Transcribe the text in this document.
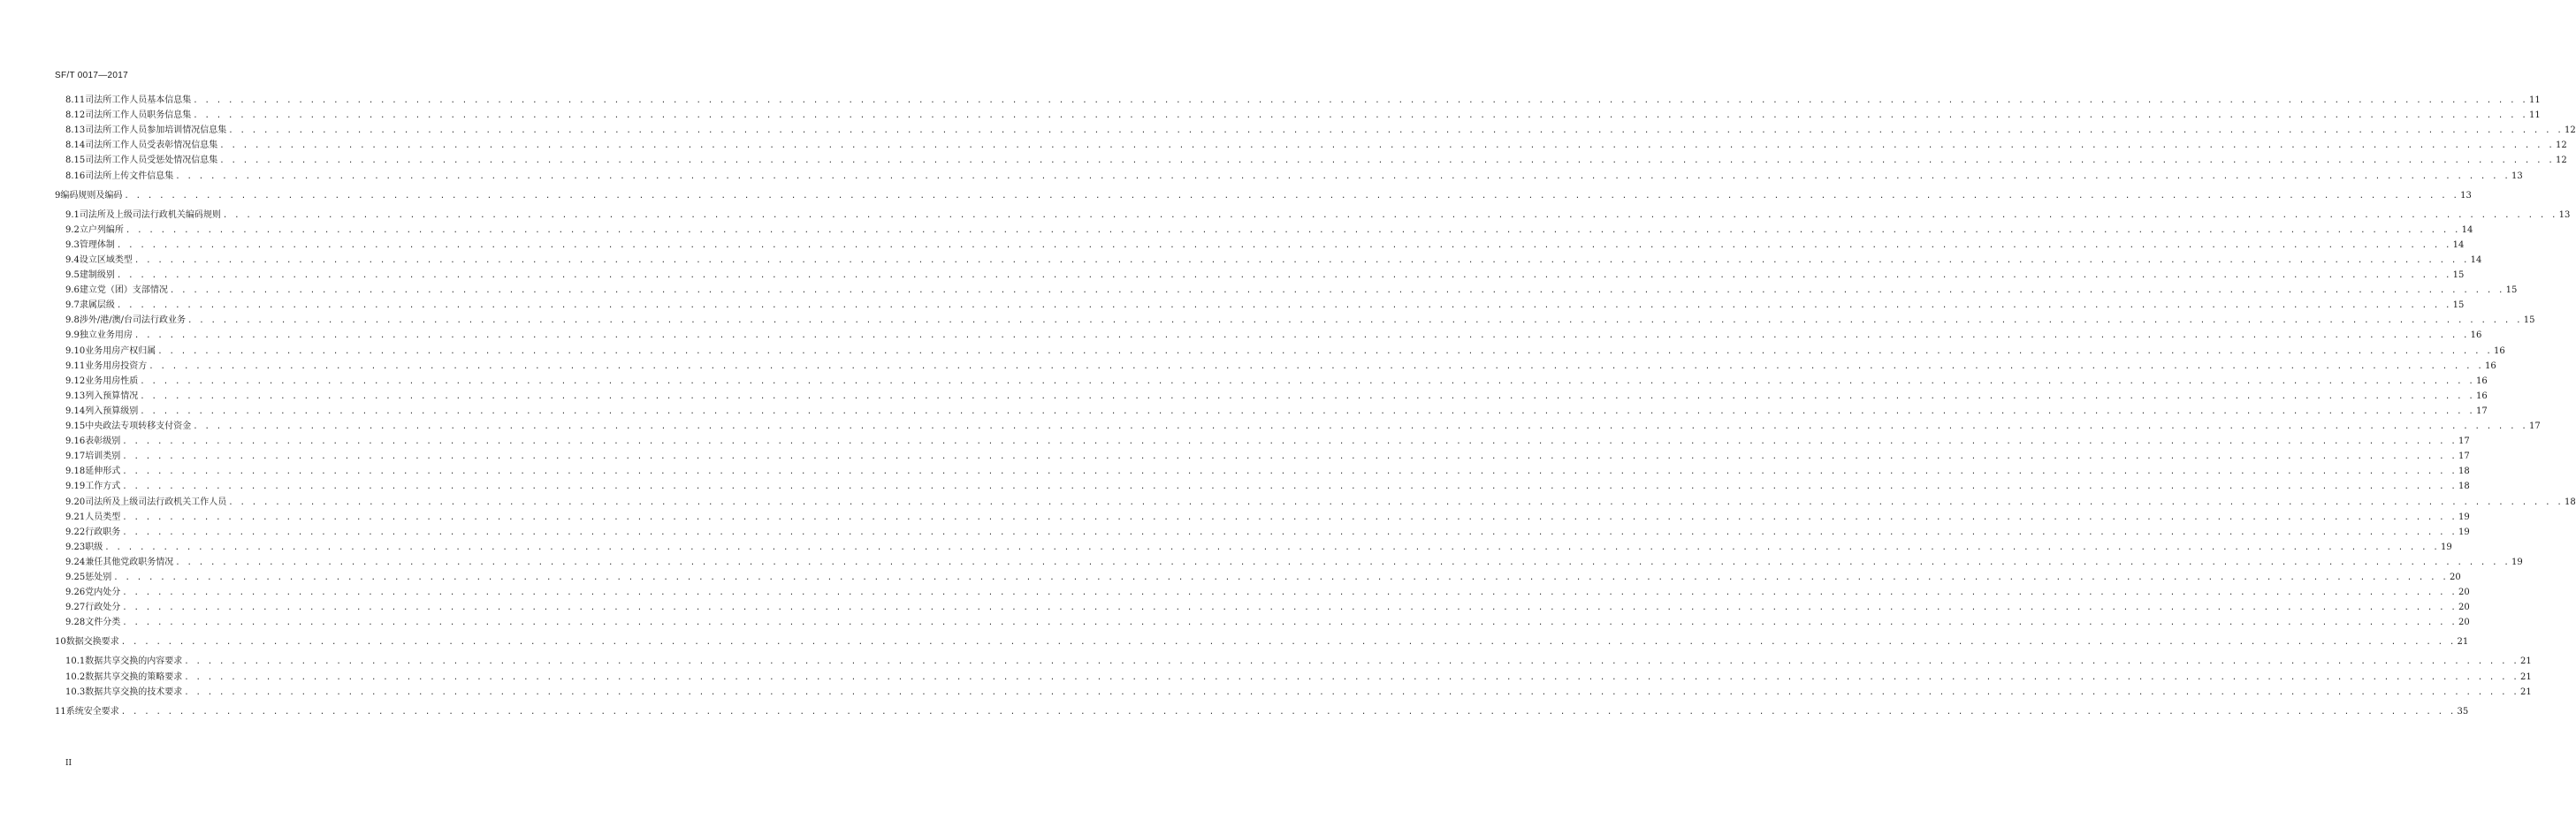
SF/T 0017—2017
8.11 司法所工作人员基本信息集 . . . . . . . . . . . . . . . . . . . . . . . . . . . . . . . . . . . . . . . . . . . . . . . . . . . . . . . . . . . . . . . . . . . . . . . . . . . . . . . . . . . . . . . . . . . . . . . . . . . . . . . . . . . . . . . . . . . . . . . . . . . . . . . . . . . . . . . . . . . . . . . . . . . . . . . . . . . . . . . . . . . . . . . . . . . . . . . . . . . . . . . . . . . . . . . . . . . . . . . . 11
8.12 司法所工作人员职务信息集 . . . . . . . . . . . . . . . . . . . . . . . . . . . . . . . . . . . . . . . . . . . . . . . . . . . . . . . . . . . . . . . . . . . . . . . . . . . . . . . . . . . . . . . . . . . . . . . . . . . . . . . . . . . . . . . . . . . . . . . . . . . . . . . . . . . . . . . . . . . . . . . . . . . . . . . . . . . . . . . . . . . . . . . . . . . . . . . . . . . . . . . . . . . . . . . . . . . . . . . . 11
8.13 司法所工作人员参加培训情况信息集 . . . . . . . . . . . . . . . . . . . . . . . . . . . . . . . . . . . . . . . . . . . . . . . . . . . . . . . . . . . . . . . . . . . . . . . . . . . . . . . . . . . . . . . . . . . . . . . . . . . . . . . . . . . . . . . . . . . . . . . . . . . . . . . . . . . . . . . . . . . . . . . . . . . . . . . . . . . . . . . . . . . . . . . . . . . . . . . . . . . . . . . . . . . . . . . . . . . . . . . . 12
8.14 司法所工作人员受表彰情况信息集 . . . . . . . . . . . . . . . . . . . . . . . . . . . . . . . . . . . . . . . . . . . . . . . . . . . . . . . . . . . . . . . . . . . . . . . . . . . . . . . . . . . . . . . . . . . . . . . . . . . . . . . . . . . . . . . . . . . . . . . . . . . . . . . . . . . . . . . . . . . . . . . . . . . . . . . . . . . . . . . . . . . . . . . . . . . . . . . . . . . . . . . . . . . . . . . . . . . . . . . . 12
8.15 司法所工作人员受惩处情况信息集 . . . . . . . . . . . . . . . . . . . . . . . . . . . . . . . . . . . . . . . . . . . . . . . . . . . . . . . . . . . . . . . . . . . . . . . . . . . . . . . . . . . . . . . . . . . . . . . . . . . . . . . . . . . . . . . . . . . . . . . . . . . . . . . . . . . . . . . . . . . . . . . . . . . . . . . . . . . . . . . . . . . . . . . . . . . . . . . . . . . . . . . . . . . . . . . . . . . . . . . . 12
8.16 司法所上传文件信息集 . . . . . . . . . . . . . . . . . . . . . . . . . . . . . . . . . . . . . . . . . . . . . . . . . . . . . . . . . . . . . . . . . . . . . . . . . . . . . . . . . . . . . . . . . . . . . . . . . . . . . . . . . . . . . . . . . . . . . . . . . . . . . . . . . . . . . . . . . . . . . . . . . . . . . . . . . . . . . . . . . . . . . . . . . . . . . . . . . . . . . . . . . . . . . . . . . . . . . . . . 13
9 编码规则及编码 . . . . . . . . . . . . . . . . . . . . . . . . . . . . . . . . . . . . . . . . . . . . . . . . . . . . . . . . . . . . . . . . . . . . . . . . . . . . . . . . . . . . . . . . . . . . . . . . . . . . . . . . . . . . . . . . . . . . . . . . . . . . . . . . . . . . . . . . . . . . . . . . . . . . . . . . . . . . . . . . . . . . . . . . . . . . . . . . . . . . . . . . . . . . . . . . . . . . . . . . 13
9.1 司法所及上级司法行政机关编码规则 . . . . . . . . . . . . . . . . . . . . . . . . . . . . . . . . . . . . . . . . . . . . . . . . . . . . . . . . . . . . . . . . . . . . . . . . . . . . . . . . . . . . . . . . . . . . . . . . . . . . . . . . . . . . . . . . . . . . . . . . . . . . . . . . . . . . . . . . . . . . . . . . . . . . . . . . . . . . . . . . . . . . . . . . . . . . . . . . . . . . . . . . . . . . . . . . . . . . . . . . 13
9.2 立户列编所 . . . . . . . . . . . . . . . . . . . . . . . . . . . . . . . . . . . . . . . . . . . . . . . . . . . . . . . . . . . . . . . . . . . . . . . . . . . . . . . . . . . . . . . . . . . . . . . . . . . . . . . . . . . . . . . . . . . . . . . . . . . . . . . . . . . . . . . . . . . . . . . . . . . . . . . . . . . . . . . . . . . . . . . . . . . . . . . . . . . . . . . . . . . . . . . . . . . . . . . . 14
9.3 管理体制 . . . . . . . . . . . . . . . . . . . . . . . . . . . . . . . . . . . . . . . . . . . . . . . . . . . . . . . . . . . . . . . . . . . . . . . . . . . . . . . . . . . . . . . . . . . . . . . . . . . . . . . . . . . . . . . . . . . . . . . . . . . . . . . . . . . . . . . . . . . . . . . . . . . . . . . . . . . . . . . . . . . . . . . . . . . . . . . . . . . . . . . . . . . . . . . . . . . . . . . . 14
9.4 设立区域类型 . . . . . . . . . . . . . . . . . . . . . . . . . . . . . . . . . . . . . . . . . . . . . . . . . . . . . . . . . . . . . . . . . . . . . . . . . . . . . . . . . . . . . . . . . . . . . . . . . . . . . . . . . . . . . . . . . . . . . . . . . . . . . . . . . . . . . . . . . . . . . . . . . . . . . . . . . . . . . . . . . . . . . . . . . . . . . . . . . . . . . . . . . . . . . . . . . . . . . . . . 14
9.5 建制级别 . . . . . . . . . . . . . . . . . . . . . . . . . . . . . . . . . . . . . . . . . . . . . . . . . . . . . . . . . . . . . . . . . . . . . . . . . . . . . . . . . . . . . . . . . . . . . . . . . . . . . . . . . . . . . . . . . . . . . . . . . . . . . . . . . . . . . . . . . . . . . . . . . . . . . . . . . . . . . . . . . . . . . . . . . . . . . . . . . . . . . . . . . . . . . . . . . . . . . . . . 15
9.6 建立党（团）支部情况 . . . . . . . . . . . . . . . . . . . . . . . . . . . . . . . . . . . . . . . . . . . . . . . . . . . . . . . . . . . . . . . . . . . . . . . . . . . . . . . . . . . . . . . . . . . . . . . . . . . . . . . . . . . . . . . . . . . . . . . . . . . . . . . . . . . . . . . . . . . . . . . . . . . . . . . . . . . . . . . . . . . . . . . . . . . . . . . . . . . . . . . . . . . . . . . . . . . . . . . . 15
9.7 隶属层级 . . . . . . . . . . . . . . . . . . . . . . . . . . . . . . . . . . . . . . . . . . . . . . . . . . . . . . . . . . . . . . . . . . . . . . . . . . . . . . . . . . . . . . . . . . . . . . . . . . . . . . . . . . . . . . . . . . . . . . . . . . . . . . . . . . . . . . . . . . . . . . . . . . . . . . . . . . . . . . . . . . . . . . . . . . . . . . . . . . . . . . . . . . . . . . . . . . . . . . . . 15
9.8 涉外/港/澳/台司法行政业务 . . . . . . . . . . . . . . . . . . . . . . . . . . . . . . . . . . . . . . . . . . . . . . . . . . . . . . . . . . . . . . . . . . . . . . . . . . . . . . . . . . . . . . . . . . . . . . . . . . . . . . . . . . . . . . . . . . . . . . . . . . . . . . . . . . . . . . . . . . . . . . . . . . . . . . . . . . . . . . . . . . . . . . . . . . . . . . . . . . . . . . . . . . . . . . . . . . . . . . . . 15
9.9 独立业务用房 . . . . . . . . . . . . . . . . . . . . . . . . . . . . . . . . . . . . . . . . . . . . . . . . . . . . . . . . . . . . . . . . . . . . . . . . . . . . . . . . . . . . . . . . . . . . . . . . . . . . . . . . . . . . . . . . . . . . . . . . . . . . . . . . . . . . . . . . . . . . . . . . . . . . . . . . . . . . . . . . . . . . . . . . . . . . . . . . . . . . . . . . . . . . . . . . . . . . . . . . 16
9.10 业务用房产权归属 . . . . . . . . . . . . . . . . . . . . . . . . . . . . . . . . . . . . . . . . . . . . . . . . . . . . . . . . . . . . . . . . . . . . . . . . . . . . . . . . . . . . . . . . . . . . . . . . . . . . . . . . . . . . . . . . . . . . . . . . . . . . . . . . . . . . . . . . . . . . . . . . . . . . . . . . . . . . . . . . . . . . . . . . . . . . . . . . . . . . . . . . . . . . . . . . . . . . . . . . 16
9.11 业务用房投资方 . . . . . . . . . . . . . . . . . . . . . . . . . . . . . . . . . . . . . . . . . . . . . . . . . . . . . . . . . . . . . . . . . . . . . . . . . . . . . . . . . . . . . . . . . . . . . . . . . . . . . . . . . . . . . . . . . . . . . . . . . . . . . . . . . . . . . . . . . . . . . . . . . . . . . . . . . . . . . . . . . . . . . . . . . . . . . . . . . . . . . . . . . . . . . . . . . . . . . . . . 16
9.12 业务用房性质 . . . . . . . . . . . . . . . . . . . . . . . . . . . . . . . . . . . . . . . . . . . . . . . . . . . . . . . . . . . . . . . . . . . . . . . . . . . . . . . . . . . . . . . . . . . . . . . . . . . . . . . . . . . . . . . . . . . . . . . . . . . . . . . . . . . . . . . . . . . . . . . . . . . . . . . . . . . . . . . . . . . . . . . . . . . . . . . . . . . . . . . . . . . . . . . . . . . . . . . . 16
9.13 列入预算情况 . . . . . . . . . . . . . . . . . . . . . . . . . . . . . . . . . . . . . . . . . . . . . . . . . . . . . . . . . . . . . . . . . . . . . . . . . . . . . . . . . . . . . . . . . . . . . . . . . . . . . . . . . . . . . . . . . . . . . . . . . . . . . . . . . . . . . . . . . . . . . . . . . . . . . . . . . . . . . . . . . . . . . . . . . . . . . . . . . . . . . . . . . . . . . . . . . . . . . . . . 16
9.14 列入预算级别 . . . . . . . . . . . . . . . . . . . . . . . . . . . . . . . . . . . . . . . . . . . . . . . . . . . . . . . . . . . . . . . . . . . . . . . . . . . . . . . . . . . . . . . . . . . . . . . . . . . . . . . . . . . . . . . . . . . . . . . . . . . . . . . . . . . . . . . . . . . . . . . . . . . . . . . . . . . . . . . . . . . . . . . . . . . . . . . . . . . . . . . . . . . . . . . . . . . . . . . . 17
9.15 中央政法专项转移支付资金 . . . . . . . . . . . . . . . . . . . . . . . . . . . . . . . . . . . . . . . . . . . . . . . . . . . . . . . . . . . . . . . . . . . . . . . . . . . . . . . . . . . . . . . . . . . . . . . . . . . . . . . . . . . . . . . . . . . . . . . . . . . . . . . . . . . . . . . . . . . . . . . . . . . . . . . . . . . . . . . . . . . . . . . . . . . . . . . . . . . . . . . . . . . . . . . . . . . . . . . . 17
9.16 表彰级别 . . . . . . . . . . . . . . . . . . . . . . . . . . . . . . . . . . . . . . . . . . . . . . . . . . . . . . . . . . . . . . . . . . . . . . . . . . . . . . . . . . . . . . . . . . . . . . . . . . . . . . . . . . . . . . . . . . . . . . . . . . . . . . . . . . . . . . . . . . . . . . . . . . . . . . . . . . . . . . . . . . . . . . . . . . . . . . . . . . . . . . . . . . . . . . . . . . . . . . . . 17
9.17 培训类别 . . . . . . . . . . . . . . . . . . . . . . . . . . . . . . . . . . . . . . . . . . . . . . . . . . . . . . . . . . . . . . . . . . . . . . . . . . . . . . . . . . . . . . . . . . . . . . . . . . . . . . . . . . . . . . . . . . . . . . . . . . . . . . . . . . . . . . . . . . . . . . . . . . . . . . . . . . . . . . . . . . . . . . . . . . . . . . . . . . . . . . . . . . . . . . . . . . . . . . . . 17
9.18 延伸形式 . . . . . . . . . . . . . . . . . . . . . . . . . . . . . . . . . . . . . . . . . . . . . . . . . . . . . . . . . . . . . . . . . . . . . . . . . . . . . . . . . . . . . . . . . . . . . . . . . . . . . . . . . . . . . . . . . . . . . . . . . . . . . . . . . . . . . . . . . . . . . . . . . . . . . . . . . . . . . . . . . . . . . . . . . . . . . . . . . . . . . . . . . . . . . . . . . . . . . . . . 18
9.19 工作方式 . . . . . . . . . . . . . . . . . . . . . . . . . . . . . . . . . . . . . . . . . . . . . . . . . . . . . . . . . . . . . . . . . . . . . . . . . . . . . . . . . . . . . . . . . . . . . . . . . . . . . . . . . . . . . . . . . . . . . . . . . . . . . . . . . . . . . . . . . . . . . . . . . . . . . . . . . . . . . . . . . . . . . . . . . . . . . . . . . . . . . . . . . . . . . . . . . . . . . . . . 18
9.20 司法所及上级司法行政机关工作人员 . . . . . . . . . . . . . . . . . . . . . . . . . . . . . . . . . . . . . . . . . . . . . . . . . . . . . . . . . . . . . . . . . . . . . . . . . . . . . . . . . . . . . . . . . . . . . . . . . . . . . . . . . . . . . . . . . . . . . . . . . . . . . . . . . . . . . . . . . . . . . . . . . . . . . . . . . . . . . . . . . . . . . . . . . . . . . . . . . . . . . . . . . . . . . . . . . . . . . . . . 18
9.21 人员类型 . . . . . . . . . . . . . . . . . . . . . . . . . . . . . . . . . . . . . . . . . . . . . . . . . . . . . . . . . . . . . . . . . . . . . . . . . . . . . . . . . . . . . . . . . . . . . . . . . . . . . . . . . . . . . . . . . . . . . . . . . . . . . . . . . . . . . . . . . . . . . . . . . . . . . . . . . . . . . . . . . . . . . . . . . . . . . . . . . . . . . . . . . . . . . . . . . . . . . . . . 19
9.22 行政职务 . . . . . . . . . . . . . . . . . . . . . . . . . . . . . . . . . . . . . . . . . . . . . . . . . . . . . . . . . . . . . . . . . . . . . . . . . . . . . . . . . . . . . . . . . . . . . . . . . . . . . . . . . . . . . . . . . . . . . . . . . . . . . . . . . . . . . . . . . . . . . . . . . . . . . . . . . . . . . . . . . . . . . . . . . . . . . . . . . . . . . . . . . . . . . . . . . . . . . . . . 19
9.23 职级 . . . . . . . . . . . . . . . . . . . . . . . . . . . . . . . . . . . . . . . . . . . . . . . . . . . . . . . . . . . . . . . . . . . . . . . . . . . . . . . . . . . . . . . . . . . . . . . . . . . . . . . . . . . . . . . . . . . . . . . . . . . . . . . . . . . . . . . . . . . . . . . . . . . . . . . . . . . . . . . . . . . . . . . . . . . . . . . . . . . . . . . . . . . . . . . . . . . . . . . . 19
9.24 兼任其他党政职务情况 . . . . . . . . . . . . . . . . . . . . . . . . . . . . . . . . . . . . . . . . . . . . . . . . . . . . . . . . . . . . . . . . . . . . . . . . . . . . . . . . . . . . . . . . . . . . . . . . . . . . . . . . . . . . . . . . . . . . . . . . . . . . . . . . . . . . . . . . . . . . . . . . . . . . . . . . . . . . . . . . . . . . . . . . . . . . . . . . . . . . . . . . . . . . . . . . . . . . . . . . 19
9.25 惩处别 . . . . . . . . . . . . . . . . . . . . . . . . . . . . . . . . . . . . . . . . . . . . . . . . . . . . . . . . . . . . . . . . . . . . . . . . . . . . . . . . . . . . . . . . . . . . . . . . . . . . . . . . . . . . . . . . . . . . . . . . . . . . . . . . . . . . . . . . . . . . . . . . . . . . . . . . . . . . . . . . . . . . . . . . . . . . . . . . . . . . . . . . . . . . . . . . . . . . . . . . 20
9.26 党内处分 . . . . . . . . . . . . . . . . . . . . . . . . . . . . . . . . . . . . . . . . . . . . . . . . . . . . . . . . . . . . . . . . . . . . . . . . . . . . . . . . . . . . . . . . . . . . . . . . . . . . . . . . . . . . . . . . . . . . . . . . . . . . . . . . . . . . . . . . . . . . . . . . . . . . . . . . . . . . . . . . . . . . . . . . . . . . . . . . . . . . . . . . . . . . . . . . . . . . . . . . 20
9.27 行政处分 . . . . . . . . . . . . . . . . . . . . . . . . . . . . . . . . . . . . . . . . . . . . . . . . . . . . . . . . . . . . . . . . . . . . . . . . . . . . . . . . . . . . . . . . . . . . . . . . . . . . . . . . . . . . . . . . . . . . . . . . . . . . . . . . . . . . . . . . . . . . . . . . . . . . . . . . . . . . . . . . . . . . . . . . . . . . . . . . . . . . . . . . . . . . . . . . . . . . . . . . 20
9.28 文件分类 . . . . . . . . . . . . . . . . . . . . . . . . . . . . . . . . . . . . . . . . . . . . . . . . . . . . . . . . . . . . . . . . . . . . . . . . . . . . . . . . . . . . . . . . . . . . . . . . . . . . . . . . . . . . . . . . . . . . . . . . . . . . . . . . . . . . . . . . . . . . . . . . . . . . . . . . . . . . . . . . . . . . . . . . . . . . . . . . . . . . . . . . . . . . . . . . . . . . . . . . 20
10 数据交换要求 . . . . . . . . . . . . . . . . . . . . . . . . . . . . . . . . . . . . . . . . . . . . . . . . . . . . . . . . . . . . . . . . . . . . . . . . . . . . . . . . . . . . . . . . . . . . . . . . . . . . . . . . . . . . . . . . . . . . . . . . . . . . . . . . . . . . . . . . . . . . . . . . . . . . . . . . . . . . . . . . . . . . . . . . . . . . . . . . . . . . . . . . . . . . . . . . . . . . . . . . 21
10.1 数据共享交换的内容要求 . . . . . . . . . . . . . . . . . . . . . . . . . . . . . . . . . . . . . . . . . . . . . . . . . . . . . . . . . . . . . . . . . . . . . . . . . . . . . . . . . . . . . . . . . . . . . . . . . . . . . . . . . . . . . . . . . . . . . . . . . . . . . . . . . . . . . . . . . . . . . . . . . . . . . . . . . . . . . . . . . . . . . . . . . . . . . . . . . . . . . . . . . . . . . . . . . . . . . . . . 21
10.2 数据共享交换的策略要求 . . . . . . . . . . . . . . . . . . . . . . . . . . . . . . . . . . . . . . . . . . . . . . . . . . . . . . . . . . . . . . . . . . . . . . . . . . . . . . . . . . . . . . . . . . . . . . . . . . . . . . . . . . . . . . . . . . . . . . . . . . . . . . . . . . . . . . . . . . . . . . . . . . . . . . . . . . . . . . . . . . . . . . . . . . . . . . . . . . . . . . . . . . . . . . . . . . . . . . . . 21
10.3 数据共享交换的技术要求 . . . . . . . . . . . . . . . . . . . . . . . . . . . . . . . . . . . . . . . . . . . . . . . . . . . . . . . . . . . . . . . . . . . . . . . . . . . . . . . . . . . . . . . . . . . . . . . . . . . . . . . . . . . . . . . . . . . . . . . . . . . . . . . . . . . . . . . . . . . . . . . . . . . . . . . . . . . . . . . . . . . . . . . . . . . . . . . . . . . . . . . . . . . . . . . . . . . . . . . . 21
11 系统安全要求 . . . . . . . . . . . . . . . . . . . . . . . . . . . . . . . . . . . . . . . . . . . . . . . . . . . . . . . . . . . . . . . . . . . . . . . . . . . . . . . . . . . . . . . . . . . . . . . . . . . . . . . . . . . . . . . . . . . . . . . . . . . . . . . . . . . . . . . . . . . . . . . . . . . . . . . . . . . . . . . . . . . . . . . . . . . . . . . . . . . . . . . . . . . . . . . . . . . . . . . . 35
II
